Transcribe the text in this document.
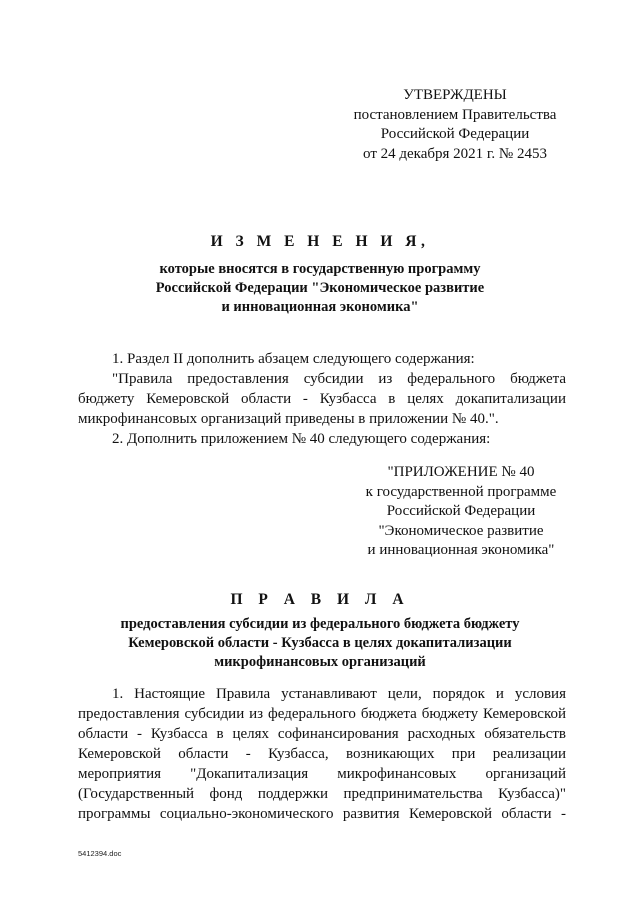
УТВЕРЖДЕНЫ
постановлением Правительства
Российской Федерации
от 24 декабря 2021 г. № 2453
И З М Е Н Е Н И Я,
которые вносятся в государственную программу
Российской Федерации "Экономическое развитие
и инновационная экономика"
1. Раздел II дополнить абзацем следующего содержания:
"Правила предоставления субсидии из федерального бюджета
бюджету Кемеровской области - Кузбасса в целях докапитализации
микрофинансовых организаций приведены в приложении № 40.".
2. Дополнить приложением № 40 следующего содержания:
"ПРИЛОЖЕНИЕ № 40
к государственной программе
Российской Федерации
"Экономическое развитие
и инновационная экономика"
П Р А В И Л А
предоставления субсидии из федерального бюджета бюджету
Кемеровской области - Кузбасса в целях докапитализации
микрофинансовых организаций
1. Настоящие Правила устанавливают цели, порядок и условия
предоставления субсидии из федерального бюджета бюджету Кемеровской
области - Кузбасса в целях софинансирования расходных обязательств
Кемеровской области - Кузбасса, возникающих при реализации
мероприятия "Докапитализация микрофинансовых организаций
(Государственный фонд поддержки предпринимательства Кузбасса)"
программы социально-экономического развития Кемеровской области -
5412394.doc
